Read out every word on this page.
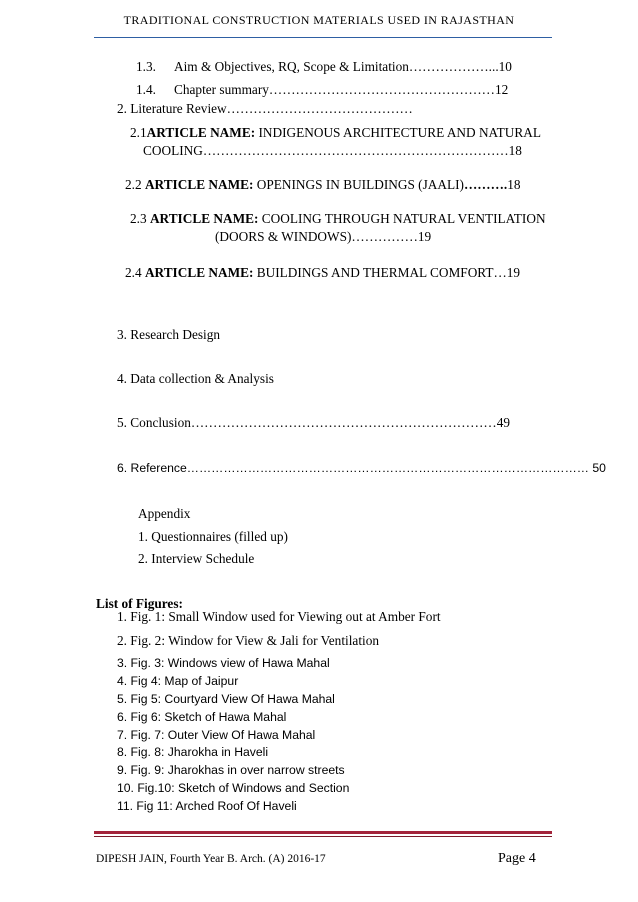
TRADITIONAL CONSTRUCTION MATERIALS USED IN RAJASTHAN
1.3. Aim & Objectives, RQ, Scope & Limitation………………...10
1.4. Chapter summary……………………………………………12
2. Literature Review……………………………………
2.1ARTICLE NAME: INDIGENOUS ARCHITECTURE AND NATURAL
COOLING……………………………………………………………18
2.2 ARTICLE NAME: OPENINGS IN BUILDINGS (JAALI)……….18
2.3 ARTICLE NAME: COOLING THROUGH NATURAL VENTILATION
(DOORS & WINDOWS)……………19
2.4 ARTICLE NAME: BUILDINGS AND THERMAL COMFORT…19
3. Research Design
4. Data collection & Analysis
5. Conclusion……………………………………………………………49
6. Reference……………………………………………………………………………………… 50
Appendix
1. Questionnaires (filled up)
2. Interview Schedule
List of Figures:
1. Fig. 1: Small Window used for Viewing out at Amber Fort
2. Fig. 2: Window for View & Jali for Ventilation
3. Fig. 3: Windows view of Hawa Mahal
4. Fig 4: Map of Jaipur
5. Fig 5: Courtyard View Of Hawa Mahal
6. Fig 6: Sketch of Hawa Mahal
7. Fig. 7: Outer View Of Hawa Mahal
8. Fig. 8: Jharokha in Haveli
9. Fig. 9: Jharokhas in over narrow streets
10. Fig.10: Sketch of Windows and Section
11. Fig 11: Arched Roof Of Haveli
DIPESH JAIN, Fourth Year B. Arch. (A) 2016-17	Page 4
